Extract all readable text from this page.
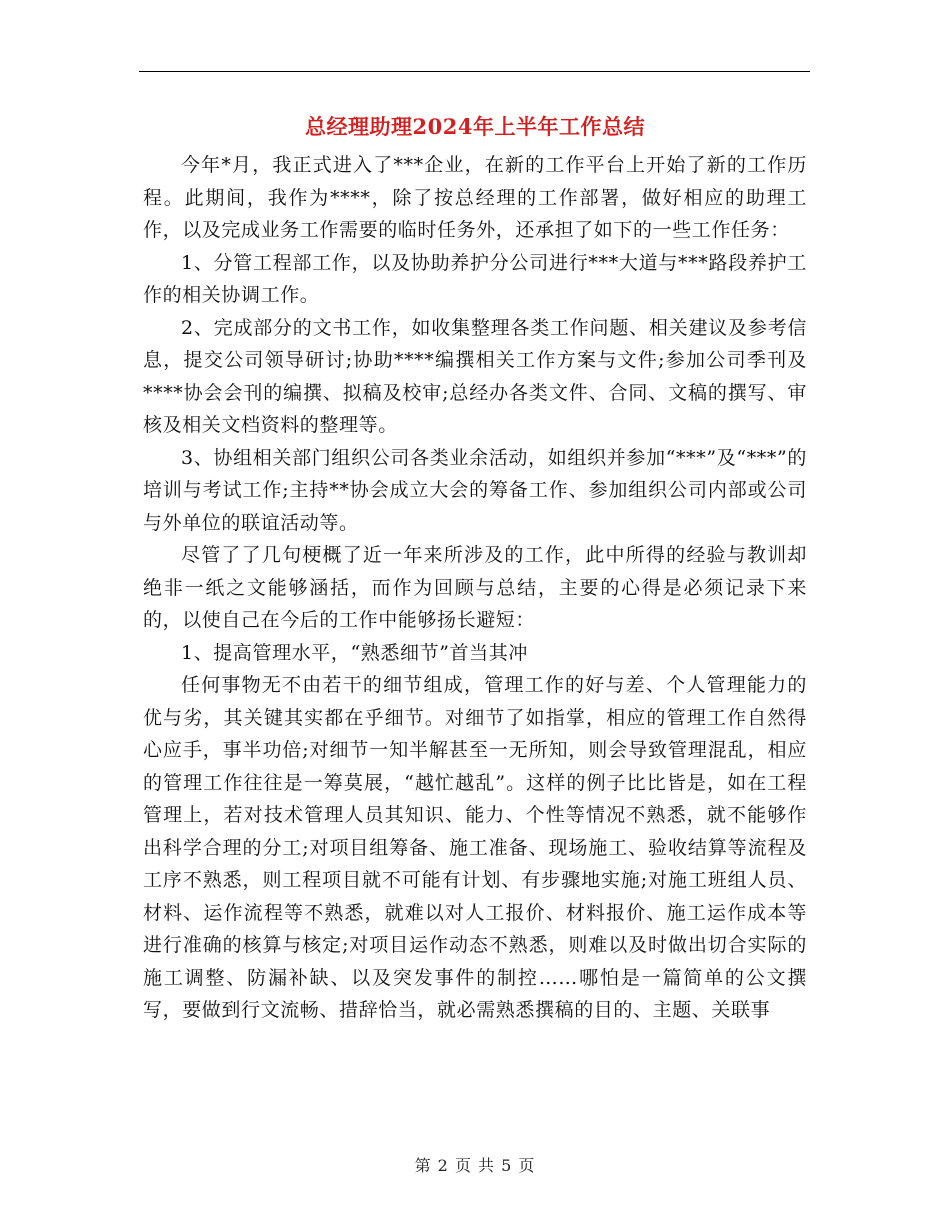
总经理助理2024年上半年工作总结

今年*月，我正式进入了***企业，在新的工作平台上开始了新的工作历程。此期间，我作为****，除了按总经理的工作部署，做好相应的助理工作，以及完成业务工作需要的临时任务外，还承担了如下的一些工作任务：

1、分管工程部工作，以及协助养护分公司进行***大道与***路段养护工作的相关协调工作。

2、完成部分的文书工作，如收集整理各类工作问题、相关建议及参考信息，提交公司领导研讨;协助****编撰相关工作方案与文件;参加公司季刊及****协会会刊的编撰、拟稿及校审;总经办各类文件、合同、文稿的撰写、审核及相关文档资料的整理等。

3、协组相关部门组织公司各类业余活动，如组织并参加“***”及“***”的培训与考试工作;主持**协会成立大会的筹备工作、参加组织公司内部或公司与外单位的联谊活动等。

尽管了了几句梗概了近一年来所涉及的工作，此中所得的经验与教训却绝非一纸之文能够涵括，而作为回顾与总结，主要的心得是必须记录下来的，以使自己在今后的工作中能够扬长避短：

1、提高管理水平，“熟悉细节”首当其冲

任何事物无不由若干的细节组成，管理工作的好与差、个人管理能力的优与劣，其关键其实都在乎细节。对细节了如指掌，相应的管理工作自然得心应手，事半功倍;对细节一知半解甚至一无所知，则会导致管理混乱，相应的管理工作往往是一筹莫展，“越忙越乱”。这样的例子比比皆是，如在工程管理上，若对技术管理人员其知识、能力、个性等情况不熟悉，就不能够作出科学合理的分工;对项目组筹备、施工准备、现场施工、验收结算等流程及工序不熟悉，则工程项目就不可能有计划、有步骤地实施;对施工班组人员、材料、运作流程等不熟悉，就难以对人工报价、材料报价、施工运作成本等进行准确的核算与核定;对项目运作动态不熟悉，则难以及时做出切合实际的施工调整、防漏补缺、以及突发事件的制控……哪怕是一篇简单的公文撰写，要做到行文流畅、措辞恰当，就必需熟悉撰稿的目的、主题、关联事

第 2 页 共 5 页
